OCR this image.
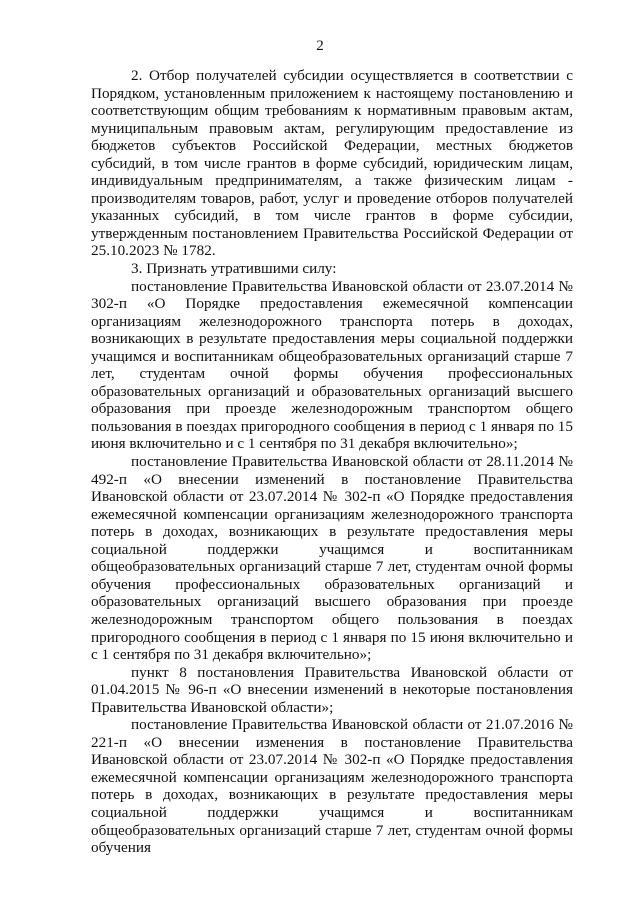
2

2. Отбор получателей субсидии осуществляется в соответствии с Порядком, установленным приложением к настоящему постановлению и соответствующим общим требованиям к нормативным правовым актам, муниципальным правовым актам, регулирующим предоставление из бюджетов субъектов Российской Федерации, местных бюджетов субсидий, в том числе грантов в форме субсидий, юридическим лицам, индивидуальным предпринимателям, а также физическим лицам - производителям товаров, работ, услуг и проведение отборов получателей указанных субсидий, в том числе грантов в форме субсидии, утвержденным постановлением Правительства Российской Федерации от 25.10.2023 № 1782.

3. Признать утратившими силу:

постановление Правительства Ивановской области от 23.07.2014 № 302-п «О Порядке предоставления ежемесячной компенсации организациям железнодорожного транспорта потерь в доходах, возникающих в результате предоставления меры социальной поддержки учащимся и воспитанникам общеобразовательных организаций старше 7 лет, студентам очной формы обучения профессиональных образовательных организаций и образовательных организаций высшего образования при проезде железнодорожным транспортом общего пользования в поездах пригородного сообщения в период с 1 января по 15 июня включительно и с 1 сентября по 31 декабря включительно»;

постановление Правительства Ивановской области от 28.11.2014 № 492-п «О внесении изменений в постановление Правительства Ивановской области от 23.07.2014 № 302-п «О Порядке предоставления ежемесячной компенсации организациям железнодорожного транспорта потерь в доходах, возникающих в результате предоставления меры социальной поддержки учащимся и воспитанникам общеобразовательных организаций старше 7 лет, студентам очной формы обучения профессиональных образовательных организаций и образовательных организаций высшего образования при проезде железнодорожным транспортом общего пользования в поездах пригородного сообщения в период с 1 января по 15 июня включительно и с 1 сентября по 31 декабря включительно»;

пункт 8 постановления Правительства Ивановской области от 01.04.2015 № 96-п «О внесении изменений в некоторые постановления Правительства Ивановской области»;

постановление Правительства Ивановской области от 21.07.2016 № 221-п «О внесении изменения в постановление Правительства Ивановской области от 23.07.2014 № 302-п «О Порядке предоставления ежемесячной компенсации организациям железнодорожного транспорта потерь в доходах, возникающих в результате предоставления меры социальной поддержки учащимся и воспитанникам общеобразовательных организаций старше 7 лет, студентам очной формы обучения
